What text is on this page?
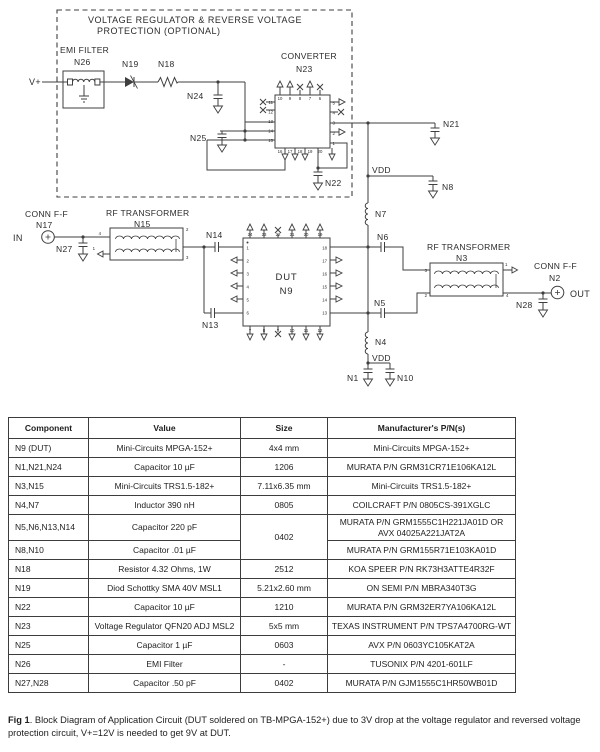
10 9 8 7 6
16 17 18 19 20
11
12
13
14
15
5
4
3
2
1
24 23 22 21 20 19
7	8	9 10 11 12
1
2
3
4
5
6
18
17
16
15
14
13
4
1
2
3
3
2
1
4
VOLTAGE REGULATOR & REVERSE VOLTAGE
PROTECTION (OPTIONAL)
V+
EMI FILTER
N26	N19 N18
N24
CONVERTER
N23
N25
N22
N21
VDD
N8
N7
N6
N5
N4
VDD
N1	N10
CONN F-F
N17
IN
N27
RF TRANSFORMER
N15
N14
N13
DUT
N9
RF TRANSFORMER
N3
CONN F-F
N2
OUT
N28
Component	Value	Size	Manufacturer's P/N(s)
N9 (DUT)	Mini-Circuits MPGA-152+	4x4 mm	Mini-Circuits MPGA-152+
N1,N21,N24	Capacitor 10 µF	1206	MURATA P/N GRM31CR71E106KA12L
N3,N15	Mini-Circuits TRS1.5-182+	7.11x6.35 mm	Mini-Circuits TRS1.5-182+
N4,N7	Inductor 390 nH	0805	COILCRAFT P/N 0805CS-391XGLC
N5,N6,N13,N14	Capacitor 220 pF	0402	MURATA P/N GRM1555C1H221JA01D OR AVX 04025A221JAT2A
N8,N10	Capacitor .01 µF		MURATA P/N GRM155R71E103KA01D
N18	Resistor 4.32 Ohms, 1W	2512	KOA SPEER P/N RK73H3ATTE4R32F
N19	Diod Schottky SMA 40V MSL1	5.21x2.60 mm	ON SEMI P/N MBRA340T3G
N22	Capacitor 10 µF	1210	MURATA P/N GRM32ER7YA106KA12L
N23	Voltage Regulator QFN20 ADJ MSL2	5x5 mm	TEXAS INSTRUMENT P/N TPS7A4700RG-WT
N25	Capacitor 1 µF	0603	AVX P/N 0603YC105KAT2A
N26	EMI Filter	-	TUSONIX P/N 4201-601LF
N27,N28	Capacitor .50 pF	0402	MURATA P/N GJM1555C1HR50WB01D
Fig 1. Block Diagram of Application Circuit (DUT soldered on TB-MPGA-152+) due to 3V drop at the voltage regulator and reversed voltage protection circuit, V+=12V is needed to get 9V at DUT.
